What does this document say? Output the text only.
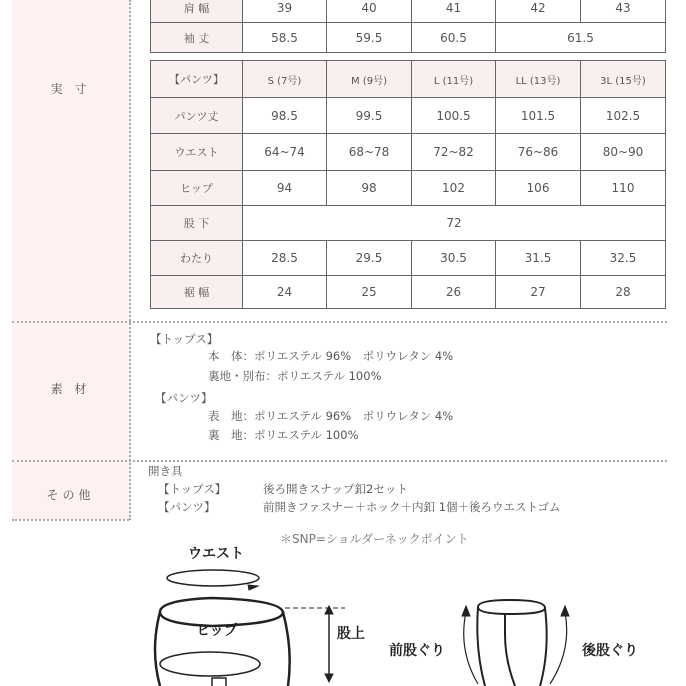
実 寸
素 材
その他
肩 幅	39	40	41	42	43
袖 丈	58.5	59.5	60.5	61.5	
【パンツ】	S (7号)	M (9号)	L (11号)	LL (13号)	3L (15号)
パンツ丈	98.5	99.5	100.5	101.5	102.5
ウエスト	64~74	68~78	72~82	76~86	80~90
ヒップ	94	98	102	106	110
股 下	72				
わたり	28.5	29.5	30.5	31.5	32.5
裾 幅	24	25	26	27	28
【トップス】
本　体：ポリエステル 96%　ポリウレタン 4%
裏地・別布：ポリエステル 100%
【パンツ】
表　地：ポリエステル 96%　ポリウレタン 4%
裏　地：ポリエステル 100%
開き具
【トップス】	後ろ開きスナップ釦2セット
【パンツ】	前開きファスナー＋ホック＋内釦 1個＋後ろウエストゴム
＊SNP=ショルダーネックポイント
ウエスト
ヒップ	股上
前股ぐり	後股ぐり
